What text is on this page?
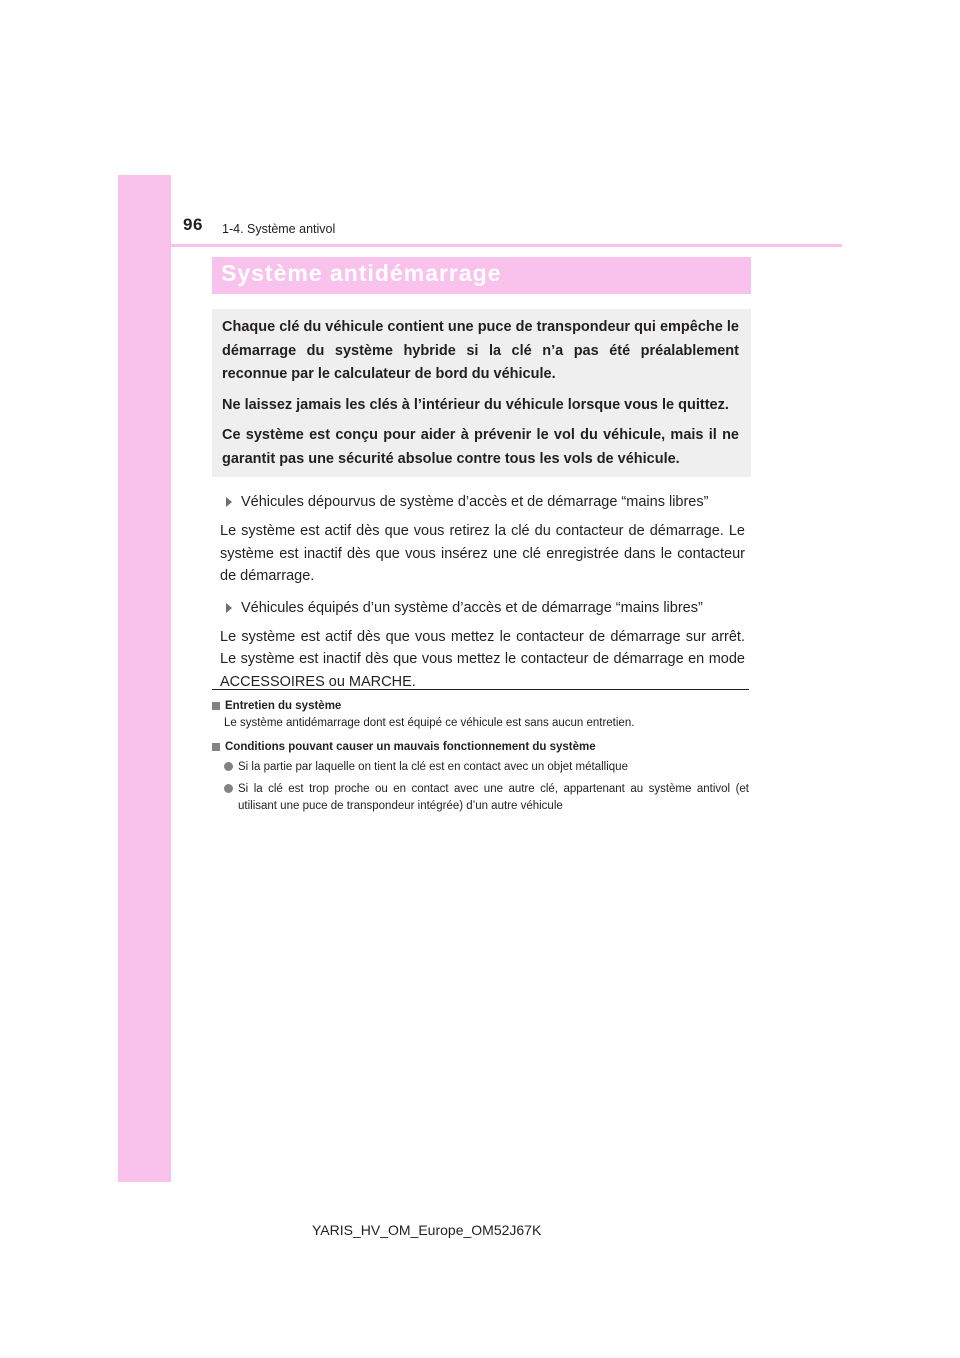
96 1-4. Système antivol
Système antidémarrage

Chaque clé du véhicule contient une puce de transpondeur qui empêche le démarrage du système hybride si la clé n’a pas été préalablement reconnue par le calculateur de bord du véhicule.

Ne laissez jamais les clés à l’intérieur du véhicule lorsque vous le quittez.

Ce système est conçu pour aider à prévenir le vol du véhicule, mais il ne garantit pas une sécurité absolue contre tous les vols de véhicule.

Véhicules dépourvus de système d’accès et de démarrage “mains libres”

Le système est actif dès que vous retirez la clé du contacteur de démarrage. Le système est inactif dès que vous insérez une clé enregistrée dans le contacteur de démarrage.

Véhicules équipés d’un système d’accès et de démarrage “mains libres”

Le système est actif dès que vous mettez le contacteur de démarrage sur arrêt. Le système est inactif dès que vous mettez le contacteur de démarrage en mode ACCESSOIRES ou MARCHE.

Entretien du système
Le système antidémarrage dont est équipé ce véhicule est sans aucun entretien.
Conditions pouvant causer un mauvais fonctionnement du système
Si la partie par laquelle on tient la clé est en contact avec un objet métallique
Si la clé est trop proche ou en contact avec une autre clé, appartenant au système antivol (et utilisant une puce de transpondeur intégrée) d’un autre véhicule
YARIS_HV_OM_Europe_OM52J67K
